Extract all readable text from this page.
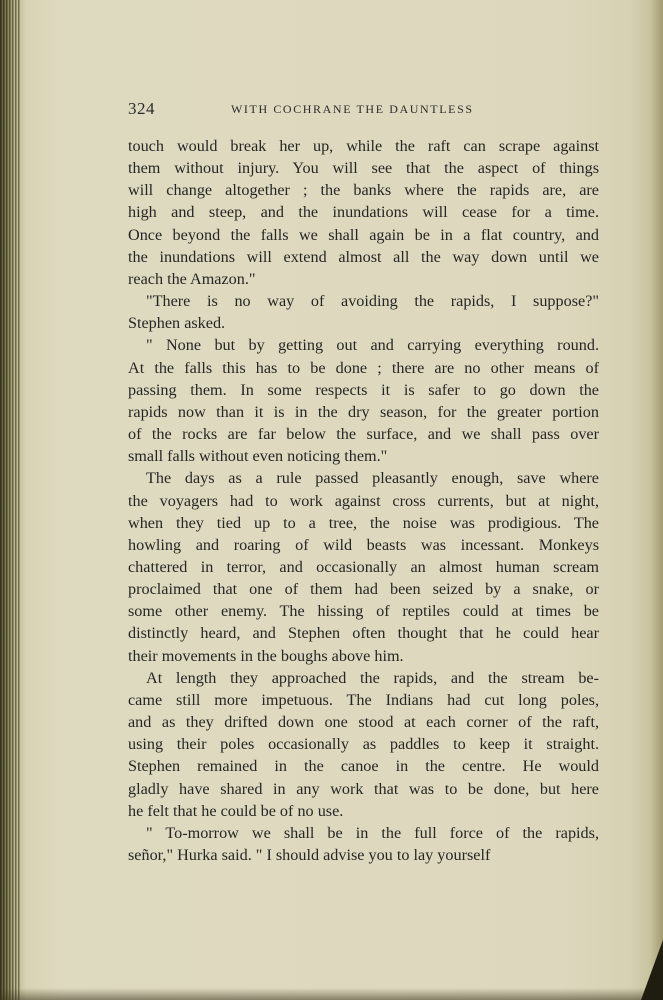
324	WITH COCHRANE THE DAUNTLESS

touch would break her up, while the raft can scrape against
them without injury. You will see that the aspect of things
will change altogether ; the banks where the rapids are, are
high and steep, and the inundations will cease for a time.
Once beyond the falls we shall again be in a flat country, and
the inundations will extend almost all the way down until we
reach the Amazon."

"There is no way of avoiding the rapids, I suppose?"
Stephen asked.

" None but by getting out and carrying everything round.
At the falls this has to be done ; there are no other means of
passing them. In some respects it is safer to go down the
rapids now than it is in the dry season, for the greater portion
of the rocks are far below the surface, and we shall pass over
small falls without even noticing them."

The days as a rule passed pleasantly enough, save where
the voyagers had to work against cross currents, but at night,
when they tied up to a tree, the noise was prodigious. The
howling and roaring of wild beasts was incessant. Monkeys
chattered in terror, and occasionally an almost human scream
proclaimed that one of them had been seized by a snake, or
some other enemy. The hissing of reptiles could at times be
distinctly heard, and Stephen often thought that he could hear
their movements in the boughs above him.

At length they approached the rapids, and the stream be-
came still more impetuous. The Indians had cut long poles,
and as they drifted down one stood at each corner of the raft,
using their poles occasionally as paddles to keep it straight.
Stephen remained in the canoe in the centre. He would
gladly have shared in any work that was to be done, but here
he felt that he could be of no use.

" To-morrow we shall be in the full force of the rapids,
señor," Hurka said. " I should advise you to lay yourself
